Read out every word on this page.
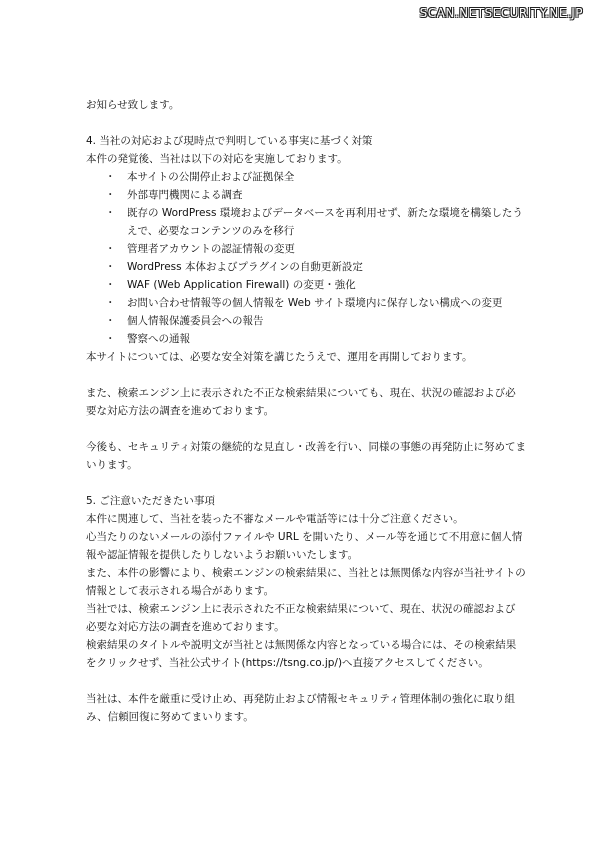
SCAN.NETSECURITY.NE.JP

お知らせ致します。

4. 当社の対応および現時点で判明している事実に基づく対策

本件の発覚後、当社は以下の対応を実施しております。

・ 本サイトの公開停止および証拠保全
・ 外部専門機関による調査
・ 既存の WordPress 環境およびデータベースを再利用せず、新たな環境を構築したうえで、必要なコンテンツのみを移行
・ 管理者アカウントの認証情報の変更
・ WordPress 本体およびプラグインの自動更新設定
・ WAF (Web Application Firewall) の変更・強化
・ お問い合わせ情報等の個人情報を Web サイト環境内に保存しない構成への変更
・ 個人情報保護委員会への報告
・ 警察への通報

本サイトについては、必要な安全対策を講じたうえで、運用を再開しております。

また、検索エンジン上に表示された不正な検索結果についても、現在、状況の確認および必要な対応方法の調査を進めております。

今後も、セキュリティ対策の継続的な見直し・改善を行い、同様の事態の再発防止に努めてまいります。

5. ご注意いただきたい事項

本件に関連して、当社を装った不審なメールや電話等には十分ご注意ください。

心当たりのないメールの添付ファイルや URL を開いたり、メール等を通じて不用意に個人情報や認証情報を提供したりしないようお願いいたします。

また、本件の影響により、検索エンジンの検索結果に、当社とは無関係な内容が当社サイトの情報として表示される場合があります。

当社では、検索エンジン上に表示された不正な検索結果について、現在、状況の確認および必要な対応方法の調査を進めております。

検索結果のタイトルや説明文が当社とは無関係な内容となっている場合には、その検索結果をクリックせず、当社公式サイト(https://tsng.co.jp/)へ直接アクセスしてください。

当社は、本件を厳重に受け止め、再発防止および情報セキュリティ管理体制の強化に取り組み、信頼回復に努めてまいります。
